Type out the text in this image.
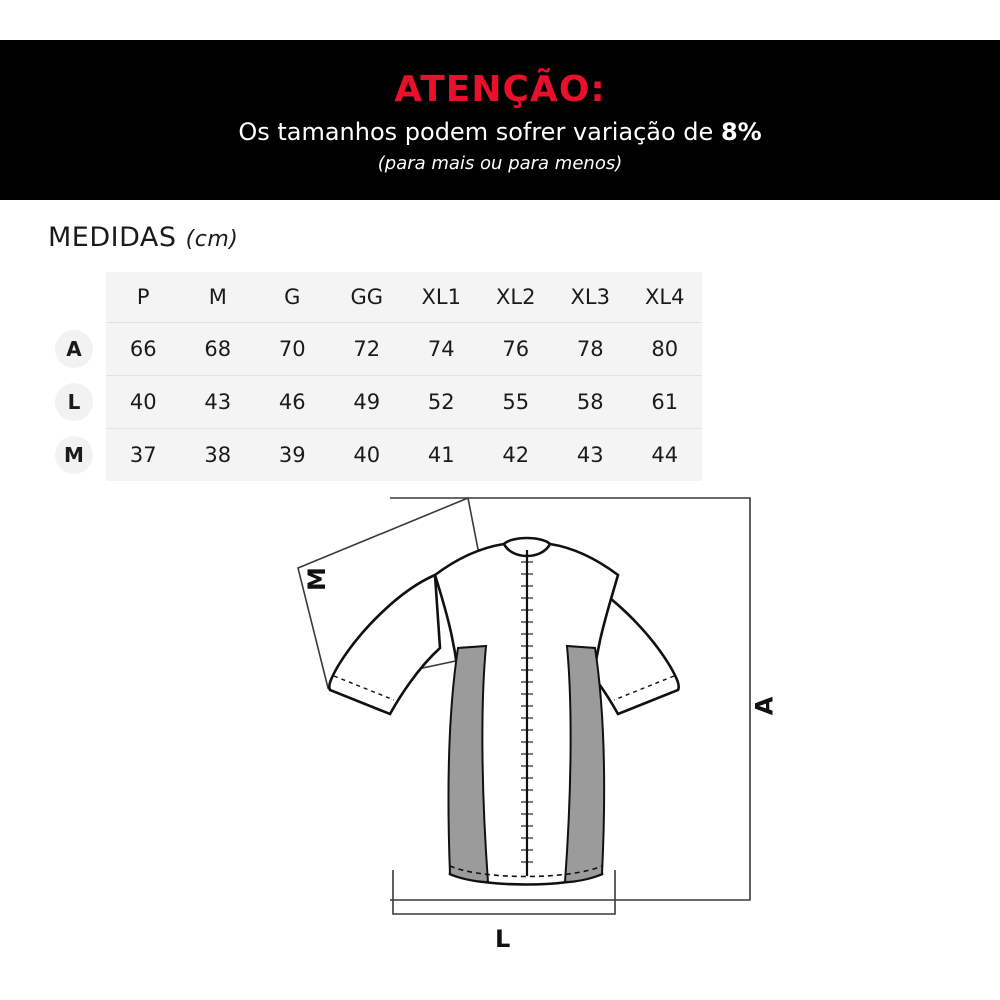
ATENÇÃO:
Os tamanhos podem sofrer variação de 8%
(para mais ou para menos)
MEDIDAS (cm)
	P	M	G	GG	XL1	XL2	XL3	XL4

A	66	68	70	72	74	76	78	80

L	40	43	46	49	52	55	58	61

M	37	38	39	40	41	42	43	44
M
A
L
